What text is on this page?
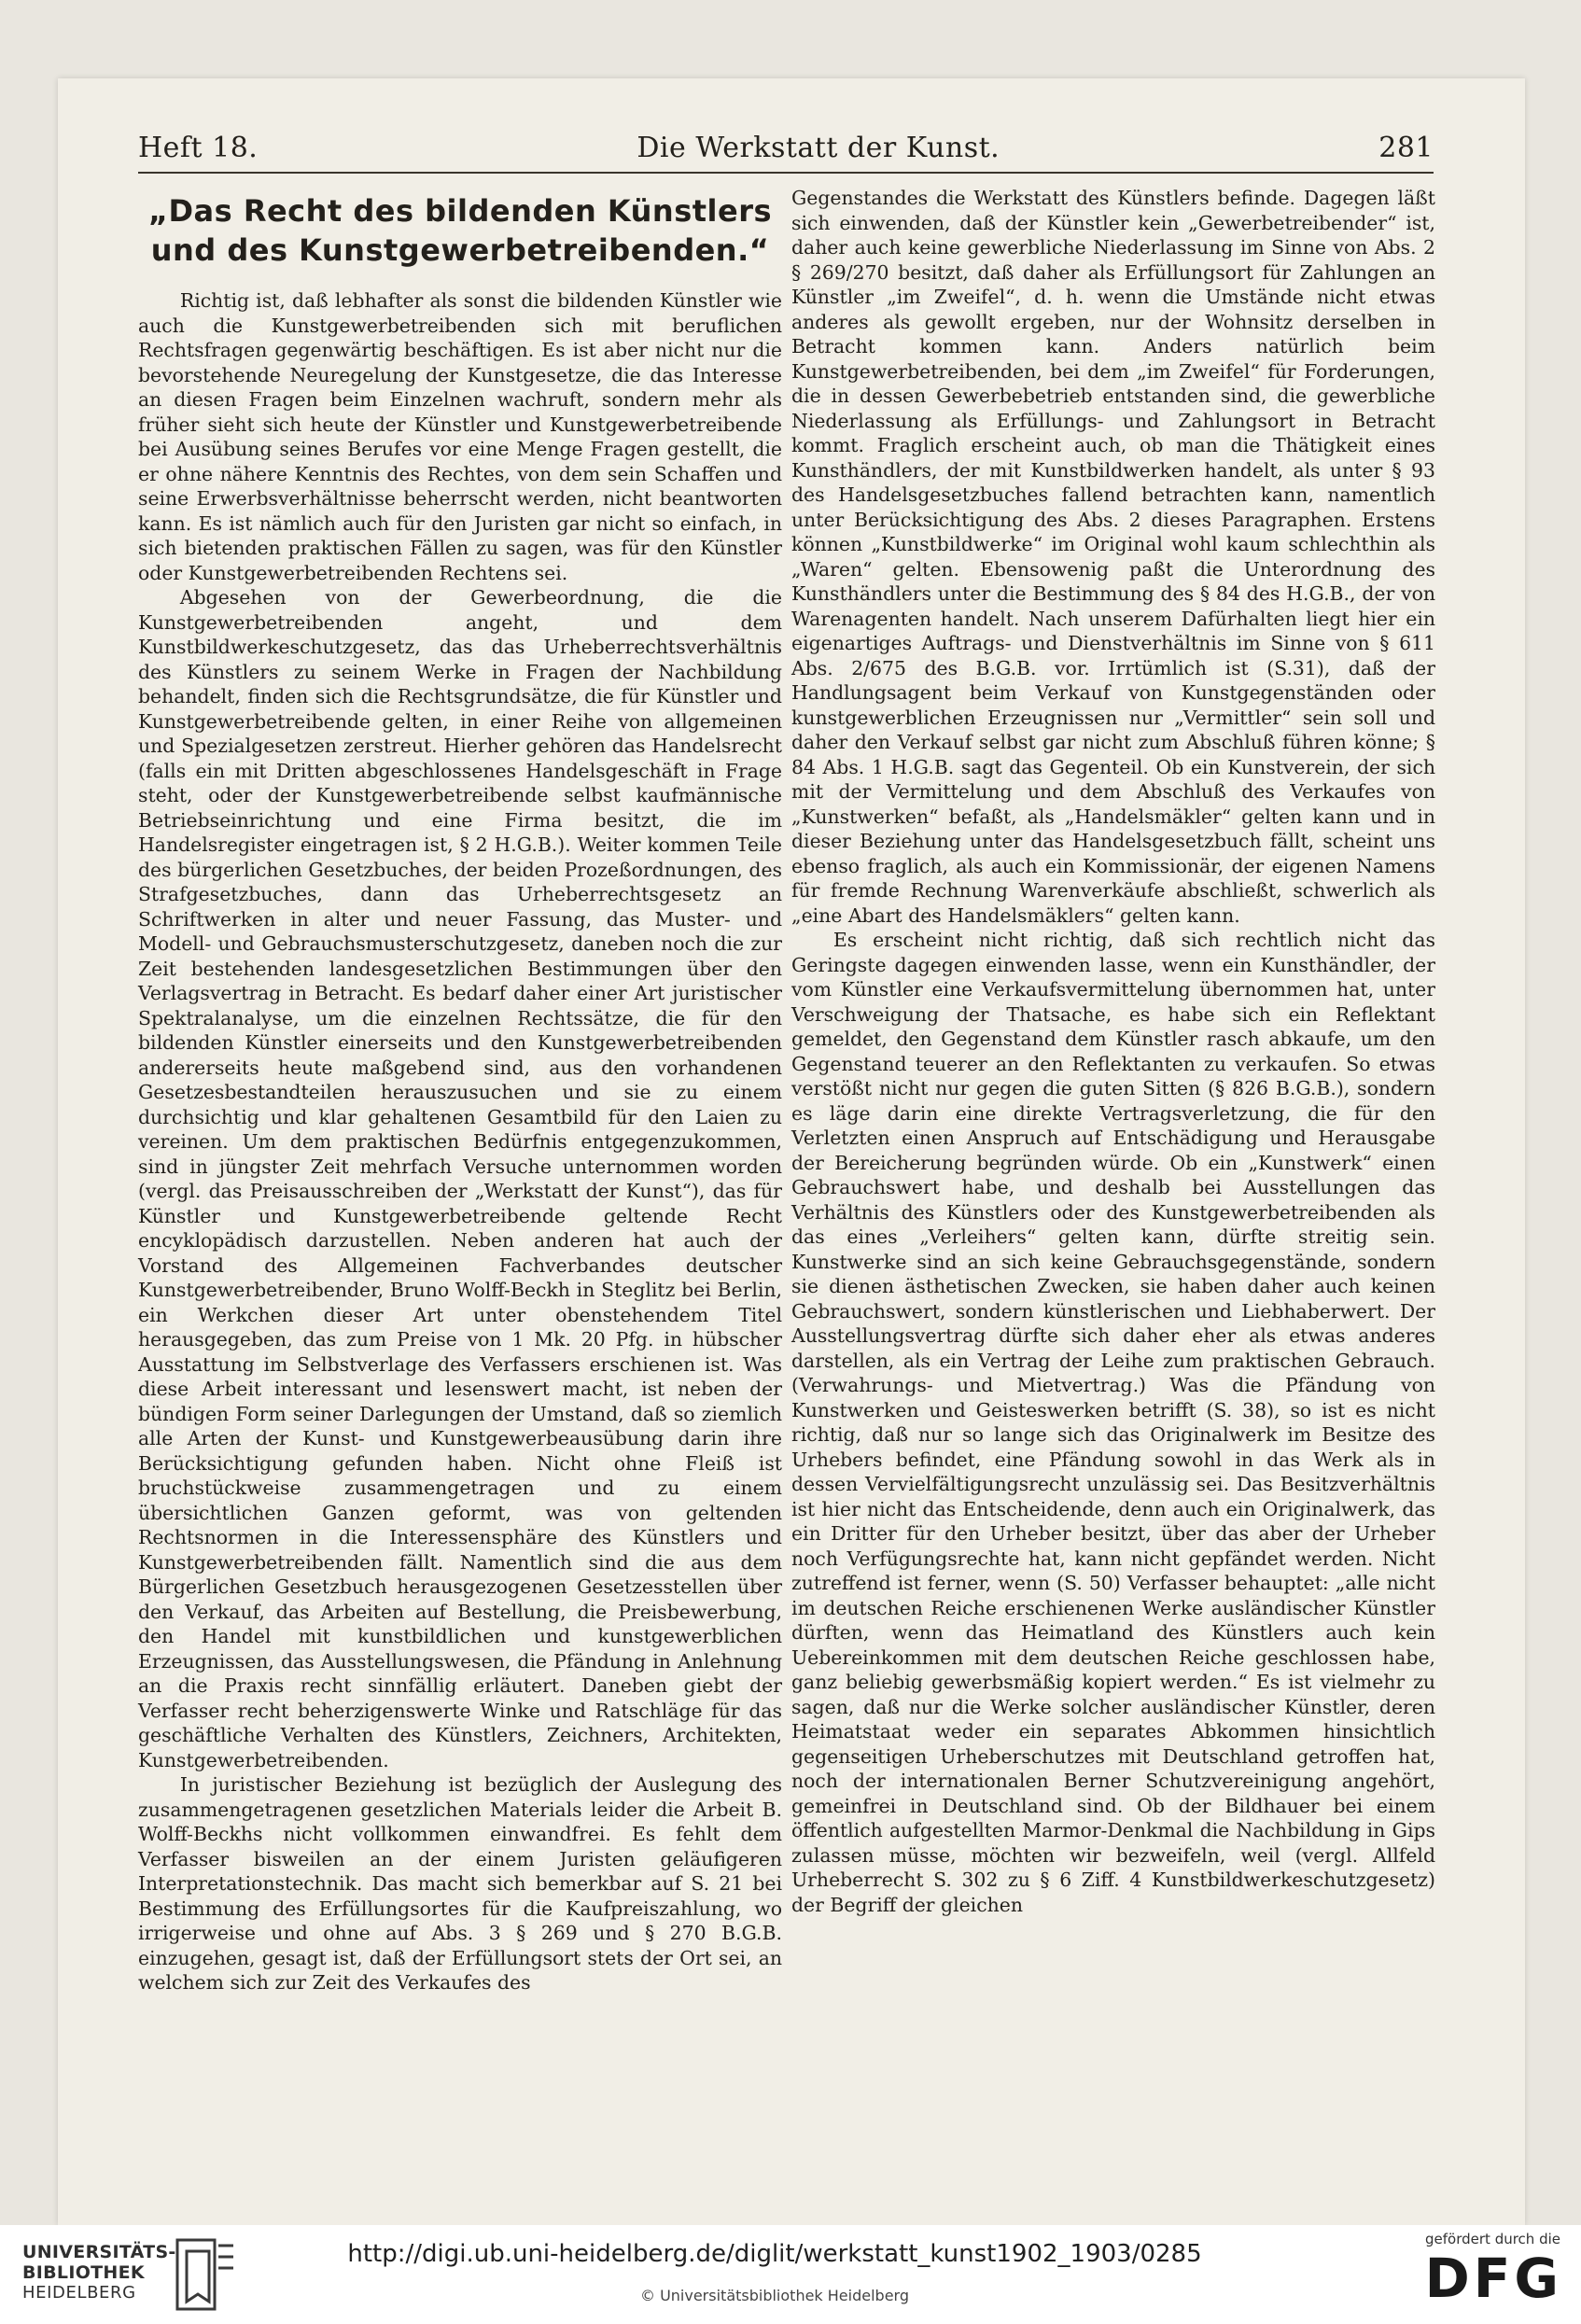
Heft 18.	Die Werkstatt der Kunst.	281
„Das Recht des bildenden Künstlers und des Kunstgewerbetreibenden.“

Richtig ist, daß lebhafter als sonst die bildenden Künstler wie auch die Kunstgewerbetreibenden sich mit beruflichen Rechtsfragen gegenwärtig beschäftigen. Es ist aber nicht nur die bevorstehende Neuregelung der Kunstgesetze, die das Interesse an diesen Fragen beim Einzelnen wachruft, sondern mehr als früher sieht sich heute der Künstler und Kunstgewerbetreibende bei Ausübung seines Berufes vor eine Menge Fragen gestellt, die er ohne nähere Kenntnis des Rechtes, von dem sein Schaffen und seine Erwerbsverhältnisse beherrscht werden, nicht beantworten kann. Es ist nämlich auch für den Juristen gar nicht so einfach, in sich bietenden praktischen Fällen zu sagen, was für den Künstler oder Kunstgewerbetreibenden Rechtens sei.

Abgesehen von der Gewerbeordnung, die die Kunstgewerbetreibenden angeht, und dem Kunstbildwerkeschutzgesetz, das das Urheberrechtsverhältnis des Künstlers zu seinem Werke in Fragen der Nachbildung behandelt, finden sich die Rechtsgrundsätze, die für Künstler und Kunstgewerbetreibende gelten, in einer Reihe von allgemeinen und Spezialgesetzen zerstreut. Hierher gehören das Handelsrecht (falls ein mit Dritten abgeschlossenes Handelsgeschäft in Frage steht, oder der Kunstgewerbetreibende selbst kaufmännische Betriebseinrichtung und eine Firma besitzt, die im Handelsregister eingetragen ist, § 2 H.G.B.). Weiter kommen Teile des bürgerlichen Gesetzbuches, der beiden Prozeßordnungen, des Strafgesetzbuches, dann das Urheberrechtsgesetz an Schriftwerken in alter und neuer Fassung, das Muster- und Modell- und Gebrauchsmusterschutzgesetz, daneben noch die zur Zeit bestehenden landesgesetzlichen Bestimmungen über den Verlagsvertrag in Betracht. Es bedarf daher einer Art juristischer Spektralanalyse, um die einzelnen Rechtssätze, die für den bildenden Künstler einerseits und den Kunstgewerbetreibenden andererseits heute maßgebend sind, aus den vorhandenen Gesetzesbestandteilen herauszusuchen und sie zu einem durchsichtig und klar gehaltenen Gesamtbild für den Laien zu vereinen. Um dem praktischen Bedürfnis entgegenzukommen, sind in jüngster Zeit mehrfach Versuche unternommen worden (vergl. das Preisausschreiben der „Werkstatt der Kunst“), das für Künstler und Kunstgewerbetreibende geltende Recht encyklopädisch darzustellen. Neben anderen hat auch der Vorstand des Allgemeinen Fachverbandes deutscher Kunstgewerbetreibender, Bruno Wolff-Beckh in Steglitz bei Berlin, ein Werkchen dieser Art unter obenstehendem Titel herausgegeben, das zum Preise von 1 Mk. 20 Pfg. in hübscher Ausstattung im Selbstverlage des Verfassers erschienen ist. Was diese Arbeit interessant und lesenswert macht, ist neben der bündigen Form seiner Darlegungen der Umstand, daß so ziemlich alle Arten der Kunst- und Kunstgewerbeausübung darin ihre Berücksichtigung gefunden haben. Nicht ohne Fleiß ist bruchstückweise zusammengetragen und zu einem übersichtlichen Ganzen geformt, was von geltenden Rechtsnormen in die Interessensphäre des Künstlers und Kunstgewerbetreibenden fällt. Namentlich sind die aus dem Bürgerlichen Gesetzbuch herausgezogenen Gesetzesstellen über den Verkauf, das Arbeiten auf Bestellung, die Preisbewerbung, den Handel mit kunstbildlichen und kunstgewerblichen Erzeugnissen, das Ausstellungswesen, die Pfändung in Anlehnung an die Praxis recht sinnfällig erläutert. Daneben giebt der Verfasser recht beherzigenswerte Winke und Ratschläge für das geschäftliche Verhalten des Künstlers, Zeichners, Architekten, Kunstgewerbetreibenden.

In juristischer Beziehung ist bezüglich der Auslegung des zusammengetragenen gesetzlichen Materials leider die Arbeit B. Wolff-Beckhs nicht vollkommen einwandfrei. Es fehlt dem Verfasser bisweilen an der einem Juristen geläufigeren Interpretationstechnik. Das macht sich bemerkbar auf S. 21 bei Bestimmung des Erfüllungsortes für die Kaufpreiszahlung, wo irrigerweise und ohne auf Abs. 3 § 269 und § 270 B.G.B. einzugehen, gesagt ist, daß der Erfüllungsort stets der Ort sei, an welchem sich zur Zeit des Verkaufes des

Gegenstandes die Werkstatt des Künstlers befinde. Dagegen läßt sich einwenden, daß der Künstler kein „Gewerbetreibender“ ist, daher auch keine gewerbliche Niederlassung im Sinne von Abs. 2 § 269/270 besitzt, daß daher als Erfüllungsort für Zahlungen an Künstler „im Zweifel“, d. h. wenn die Umstände nicht etwas anderes als gewollt ergeben, nur der Wohnsitz derselben in Betracht kommen kann. Anders natürlich beim Kunstgewerbetreibenden, bei dem „im Zweifel“ für Forderungen, die in dessen Gewerbebetrieb entstanden sind, die gewerbliche Niederlassung als Erfüllungs- und Zahlungsort in Betracht kommt. Fraglich erscheint auch, ob man die Thätigkeit eines Kunsthändlers, der mit Kunstbildwerken handelt, als unter § 93 des Handelsgesetzbuches fallend betrachten kann, namentlich unter Berücksichtigung des Abs. 2 dieses Paragraphen. Erstens können „Kunstbildwerke“ im Original wohl kaum schlechthin als „Waren“ gelten. Ebensowenig paßt die Unterordnung des Kunsthändlers unter die Bestimmung des § 84 des H.G.B., der von Warenagenten handelt. Nach unserem Dafürhalten liegt hier ein eigenartiges Auftrags- und Dienstverhältnis im Sinne von § 611 Abs. 2/675 des B.G.B. vor. Irrtümlich ist (S.31), daß der Handlungsagent beim Verkauf von Kunstgegenständen oder kunstgewerblichen Erzeugnissen nur „Vermittler“ sein soll und daher den Verkauf selbst gar nicht zum Abschluß führen könne; § 84 Abs. 1 H.G.B. sagt das Gegenteil. Ob ein Kunstverein, der sich mit der Vermittelung und dem Abschluß des Verkaufes von „Kunstwerken“ befaßt, als „Handelsmäkler“ gelten kann und in dieser Beziehung unter das Handelsgesetzbuch fällt, scheint uns ebenso fraglich, als auch ein Kommissionär, der eigenen Namens für fremde Rechnung Warenverkäufe abschließt, schwerlich als „eine Abart des Handelsmäklers“ gelten kann.

Es erscheint nicht richtig, daß sich rechtlich nicht das Geringste dagegen einwenden lasse, wenn ein Kunsthändler, der vom Künstler eine Verkaufsvermittelung übernommen hat, unter Verschweigung der Thatsache, es habe sich ein Reflektant gemeldet, den Gegenstand dem Künstler rasch abkaufe, um den Gegenstand teuerer an den Reflektanten zu verkaufen. So etwas verstößt nicht nur gegen die guten Sitten (§ 826 B.G.B.), sondern es läge darin eine direkte Vertragsverletzung, die für den Verletzten einen Anspruch auf Entschädigung und Herausgabe der Bereicherung begründen würde. Ob ein „Kunstwerk“ einen Gebrauchswert habe, und deshalb bei Ausstellungen das Verhältnis des Künstlers oder des Kunstgewerbetreibenden als das eines „Verleihers“ gelten kann, dürfte streitig sein. Kunstwerke sind an sich keine Gebrauchsgegenstände, sondern sie dienen ästhetischen Zwecken, sie haben daher auch keinen Gebrauchswert, sondern künstlerischen und Liebhaberwert. Der Ausstellungsvertrag dürfte sich daher eher als etwas anderes darstellen, als ein Vertrag der Leihe zum praktischen Gebrauch. (Verwahrungs- und Mietvertrag.) Was die Pfändung von Kunstwerken und Geisteswerken betrifft (S. 38), so ist es nicht richtig, daß nur so lange sich das Originalwerk im Besitze des Urhebers befindet, eine Pfändung sowohl in das Werk als in dessen Vervielfältigungsrecht unzulässig sei. Das Besitzverhältnis ist hier nicht das Entscheidende, denn auch ein Originalwerk, das ein Dritter für den Urheber besitzt, über das aber der Urheber noch Verfügungsrechte hat, kann nicht gepfändet werden. Nicht zutreffend ist ferner, wenn (S. 50) Verfasser behauptet: „alle nicht im deutschen Reiche erschienenen Werke ausländischer Künstler dürften, wenn das Heimatland des Künstlers auch kein Uebereinkommen mit dem deutschen Reiche geschlossen habe, ganz beliebig gewerbsmäßig kopiert werden.“ Es ist vielmehr zu sagen, daß nur die Werke solcher ausländischer Künstler, deren Heimatstaat weder ein separates Abkommen hinsichtlich gegenseitigen Urheberschutzes mit Deutschland getroffen hat, noch der internationalen Berner Schutzvereinigung angehört, gemeinfrei in Deutschland sind. Ob der Bildhauer bei einem öffentlich aufgestellten Marmor-Denkmal die Nachbildung in Gips zulassen müsse, möchten wir bezweifeln, weil (vergl. Allfeld Urheberrecht S. 302 zu § 6 Ziff. 4 Kunstbildwerkeschutzgesetz) der Begriff der gleichen

UNIVERSITÄTS-
BIBLIOTHEK
HEIDELBERG
http://digi.ub.uni-heidelberg.de/diglit/werkstatt_kunst1902_1903/0285
© Universitätsbibliothek Heidelberg
gefördert durch die
DFG
